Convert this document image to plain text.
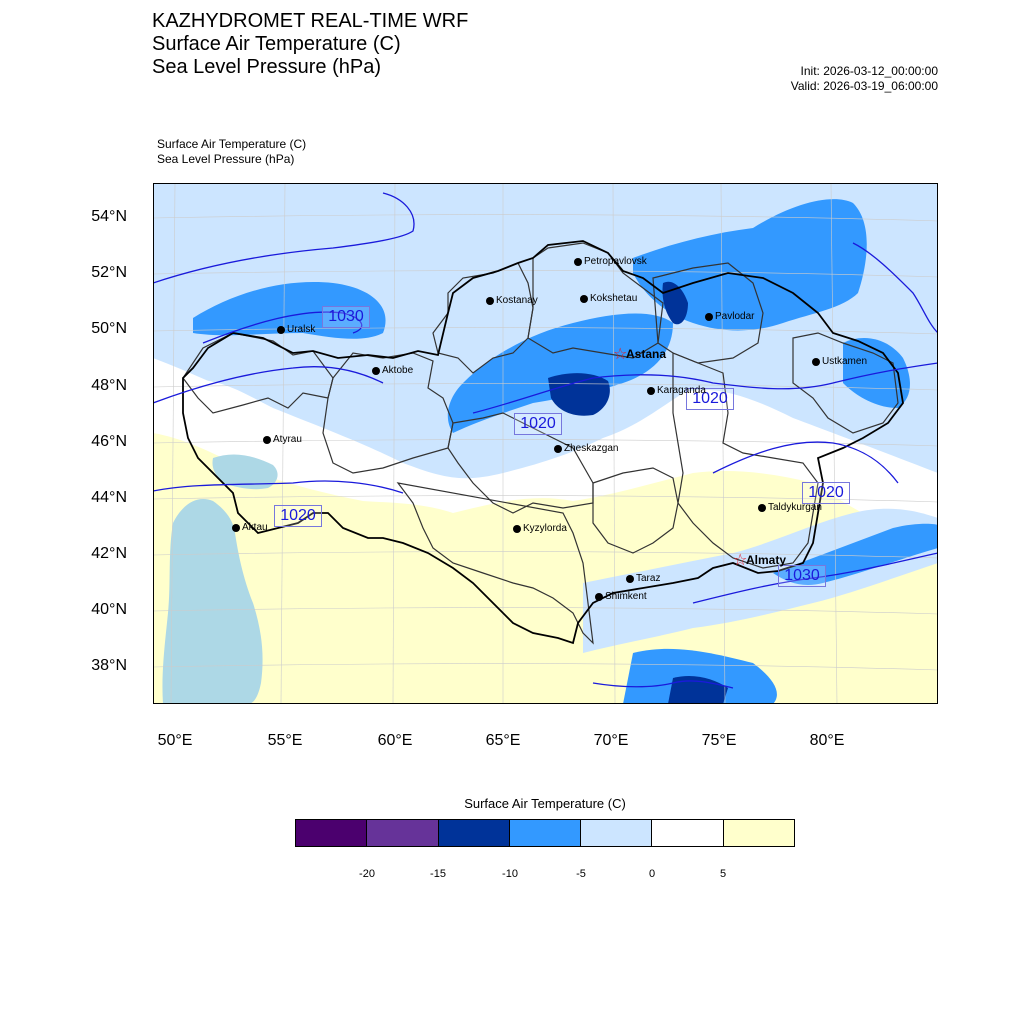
KAZHYDROMET REAL-TIME WRF
Surface Air Temperature (C)
Sea Level Pressure (hPa)	Init: 2026-03-12_00:00:00
Valid: 2026-03-19_06:00:00
Surface Air Temperature (C)
Sea Level Pressure (hPa)
1030
1020
1020
1020
1020
1030
Petropavlovsk
Kostanay	Kokshetau
Uralsk
Pavlodar
☆
Astana
Aktobe
Ustkamen
Karaganda
Atyrau
Zheskazgan
Aktau	Kyzylorda
Taldykurgan
☆
Almaty
Taraz
Shimkent
54°N
52°N
50°N
48°N
46°N
44°N
42°N
40°N
38°N
50°E	55°E	60°E	65°E	70°E	75°E	80°E
Surface Air Temperature (C)
-20	-15	-10	-5	0	5
